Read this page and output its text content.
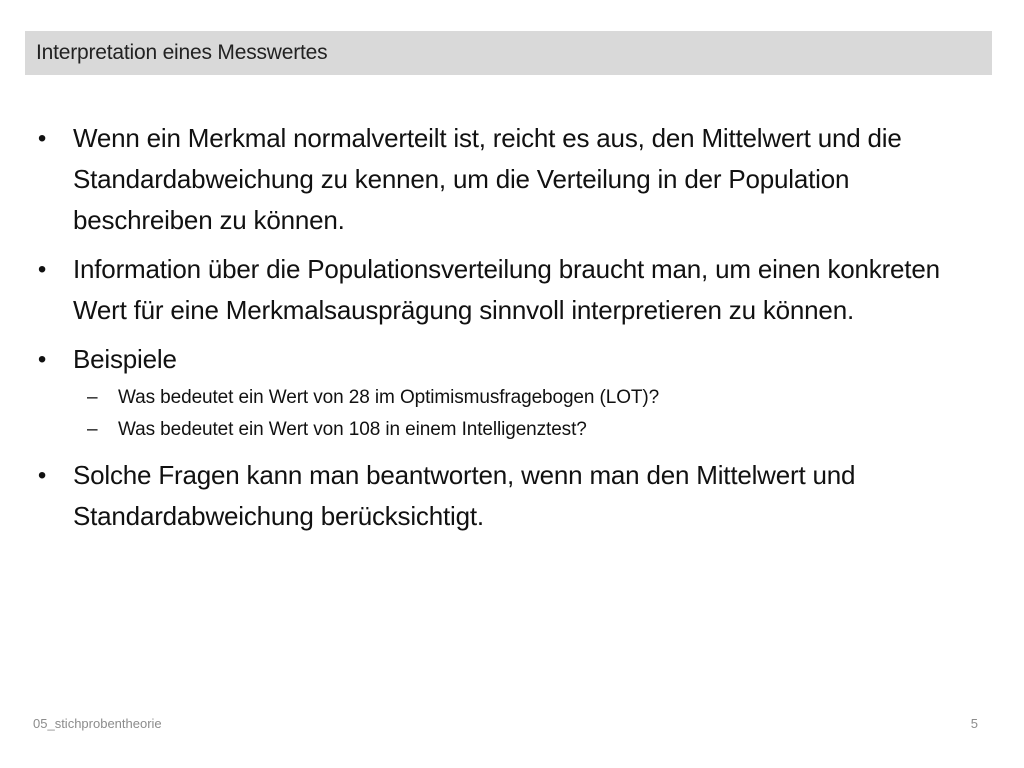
Interpretation eines Messwertes
• Wenn ein Merkmal normalverteilt ist, reicht es aus, den Mittelwert und die Standardabweichung zu kennen, um die Verteilung in der Population beschreiben zu können.
• Information über die Populationsverteilung braucht man, um einen konkreten Wert für eine Merkmalsausprägung sinnvoll interpretieren zu können.
• Beispiele
– Was bedeutet ein Wert von 28 im Optimismusfragebogen (LOT)?
– Was bedeutet ein Wert von 108 in einem Intelligenztest?
• Solche Fragen kann man beantworten, wenn man den Mittelwert und Standardabweichung berücksichtigt.
05_stichprobentheorie	5
